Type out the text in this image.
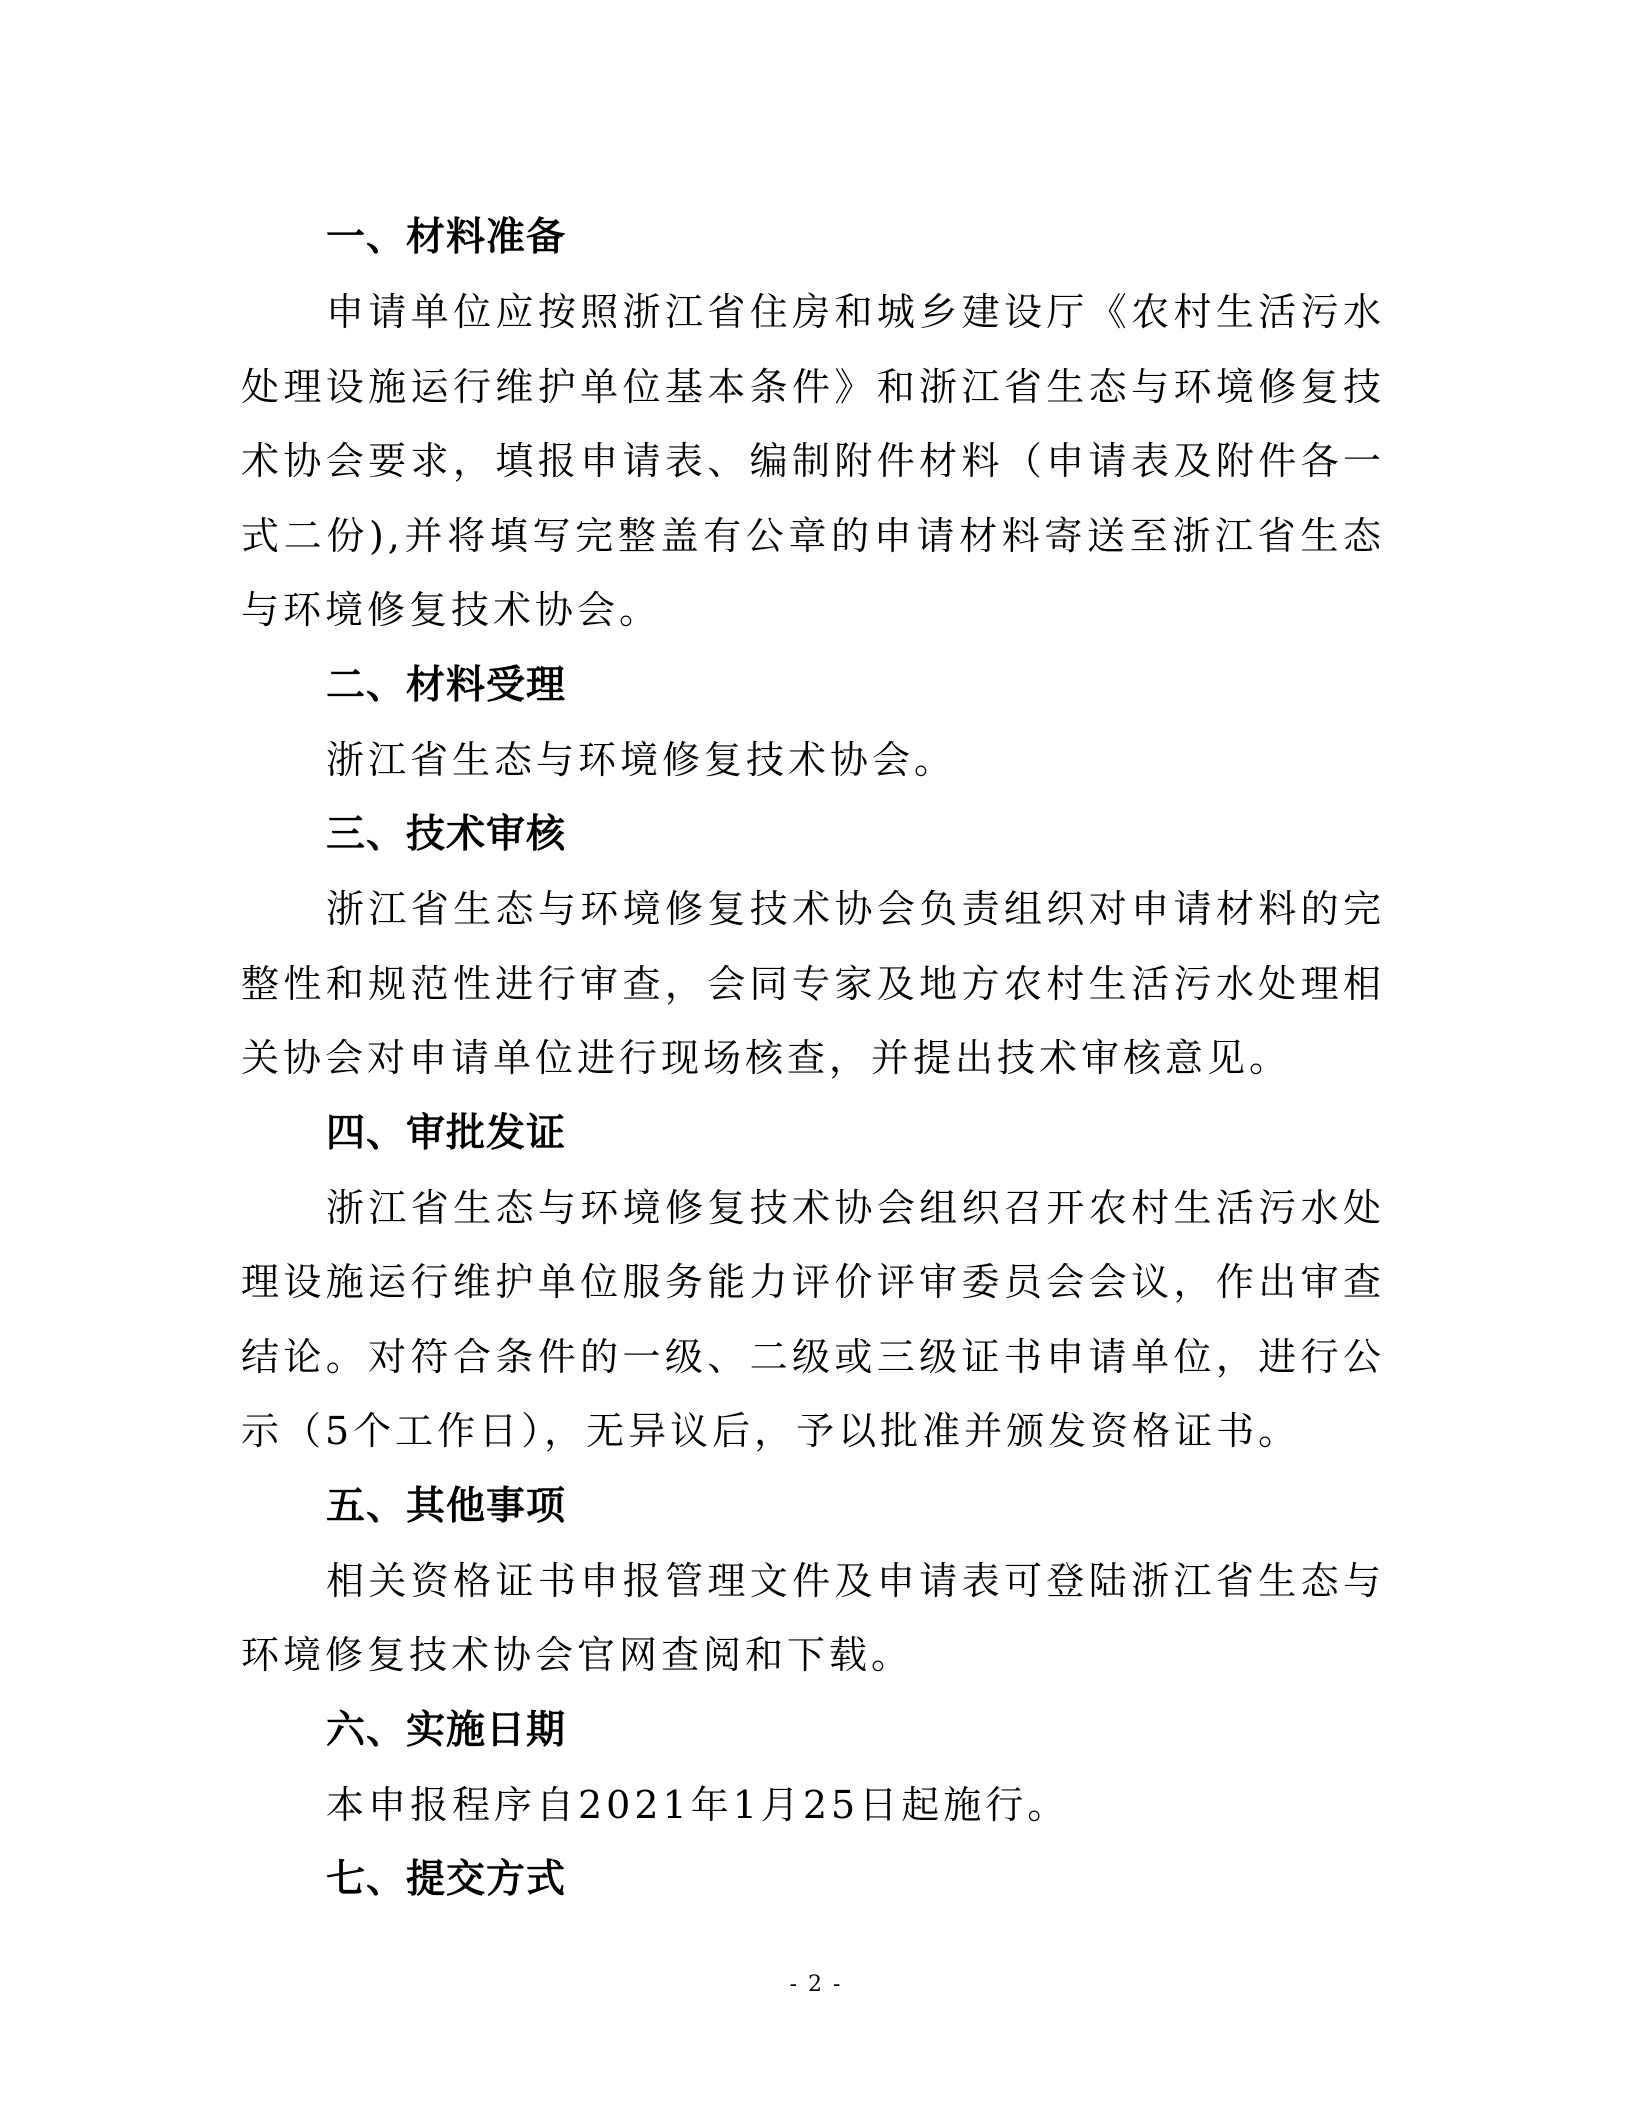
一、材料准备

申请单位应按照浙江省住房和城乡建设厅《农村生活污水处理设施运行维护单位基本条件》和浙江省生态与环境修复技术协会要求，填报申请表、编制附件材料（申请表及附件各一式二份),并将填写完整盖有公章的申请材料寄送至浙江省生态与环境修复技术协会。

二、材料受理

浙江省生态与环境修复技术协会。

三、技术审核

浙江省生态与环境修复技术协会负责组织对申请材料的完整性和规范性进行审查，会同专家及地方农村生活污水处理相关协会对申请单位进行现场核查，并提出技术审核意见。

四、审批发证

浙江省生态与环境修复技术协会组织召开农村生活污水处理设施运行维护单位服务能力评价评审委员会会议，作出审查结论。对符合条件的一级、二级或三级证书申请单位，进行公示（5个工作日），无异议后，予以批准并颁发资格证书。

五、其他事项

相关资格证书申报管理文件及申请表可登陆浙江省生态与环境修复技术协会官网查阅和下载。

六、实施日期

本申报程序自2021年1月25日起施行。

七、提交方式
- 2 -
